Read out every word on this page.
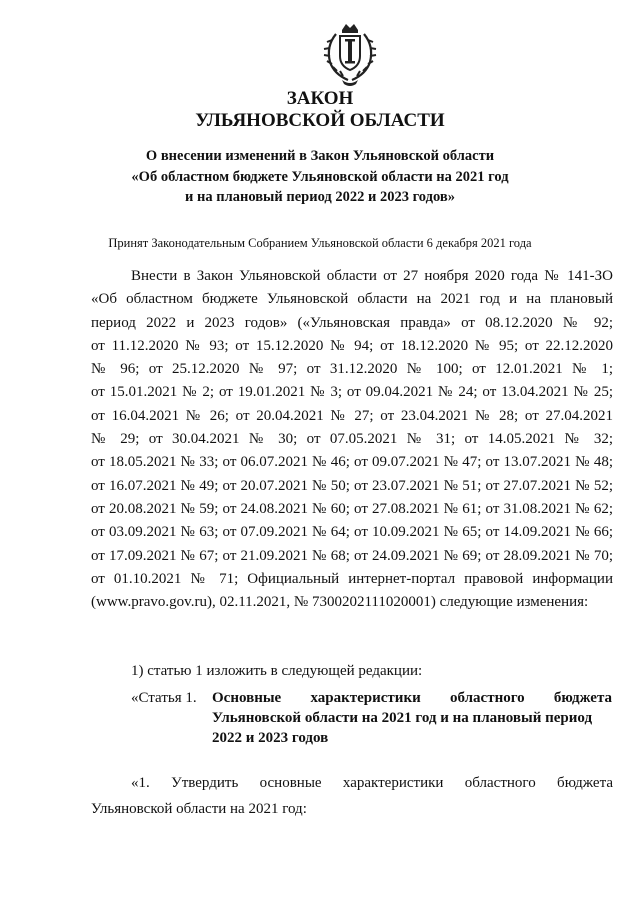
ЗАКОН
УЛЬЯНОВСКОЙ ОБЛАСТИ
О внесении изменений в Закон Ульяновской области
«Об областном бюджете Ульяновской области на 2021 год
и на плановый период 2022 и 2023 годов»
Принят Законодательным Собранием Ульяновской области 6 декабря 2021 года
Внести в Закон Ульяновской области от 27 ноября 2020 года № 141-ЗО
«Об областном бюджете Ульяновской области на 2021 год и на плановый
период 2022 и 2023 годов» («Ульяновская правда» от 08.12.2020 № 92;
от 11.12.2020 № 93; от 15.12.2020 № 94; от 18.12.2020 № 95; от 22.12.2020
№ 96; от 25.12.2020 № 97; от 31.12.2020 № 100; от 12.01.2021 № 1;
от 15.01.2021 № 2; от 19.01.2021 № 3; от 09.04.2021 № 24; от 13.04.2021 № 25;
от 16.04.2021 № 26; от 20.04.2021 № 27; от 23.04.2021 № 28; от 27.04.2021
№ 29; от 30.04.2021 № 30; от 07.05.2021 № 31; от 14.05.2021 № 32;
от 18.05.2021 № 33; от 06.07.2021 № 46; от 09.07.2021 № 47; от 13.07.2021 № 48;
от 16.07.2021 № 49; от 20.07.2021 № 50; от 23.07.2021 № 51; от 27.07.2021 № 52;
от 20.08.2021 № 59; от 24.08.2021 № 60; от 27.08.2021 № 61; от 31.08.2021 № 62;
от 03.09.2021 № 63; от 07.09.2021 № 64; от 10.09.2021 № 65; от 14.09.2021 № 66;
от 17.09.2021 № 67; от 21.09.2021 № 68; от 24.09.2021 № 69; от 28.09.2021 № 70;
от 01.10.2021 № 71; Официальный интернет-портал правовой информации
(www.pravo.gov.ru), 02.11.2021, № 7300202111020001) следующие изменения:
1) статью 1 изложить в следующей редакции:
«Статья 1. Основные характеристики областного бюджета
Ульяновской области на 2021 год и на плановый период
2022 и 2023 годов
«1. Утвердить основные характеристики областного бюджета
Ульяновской области на 2021 год:
